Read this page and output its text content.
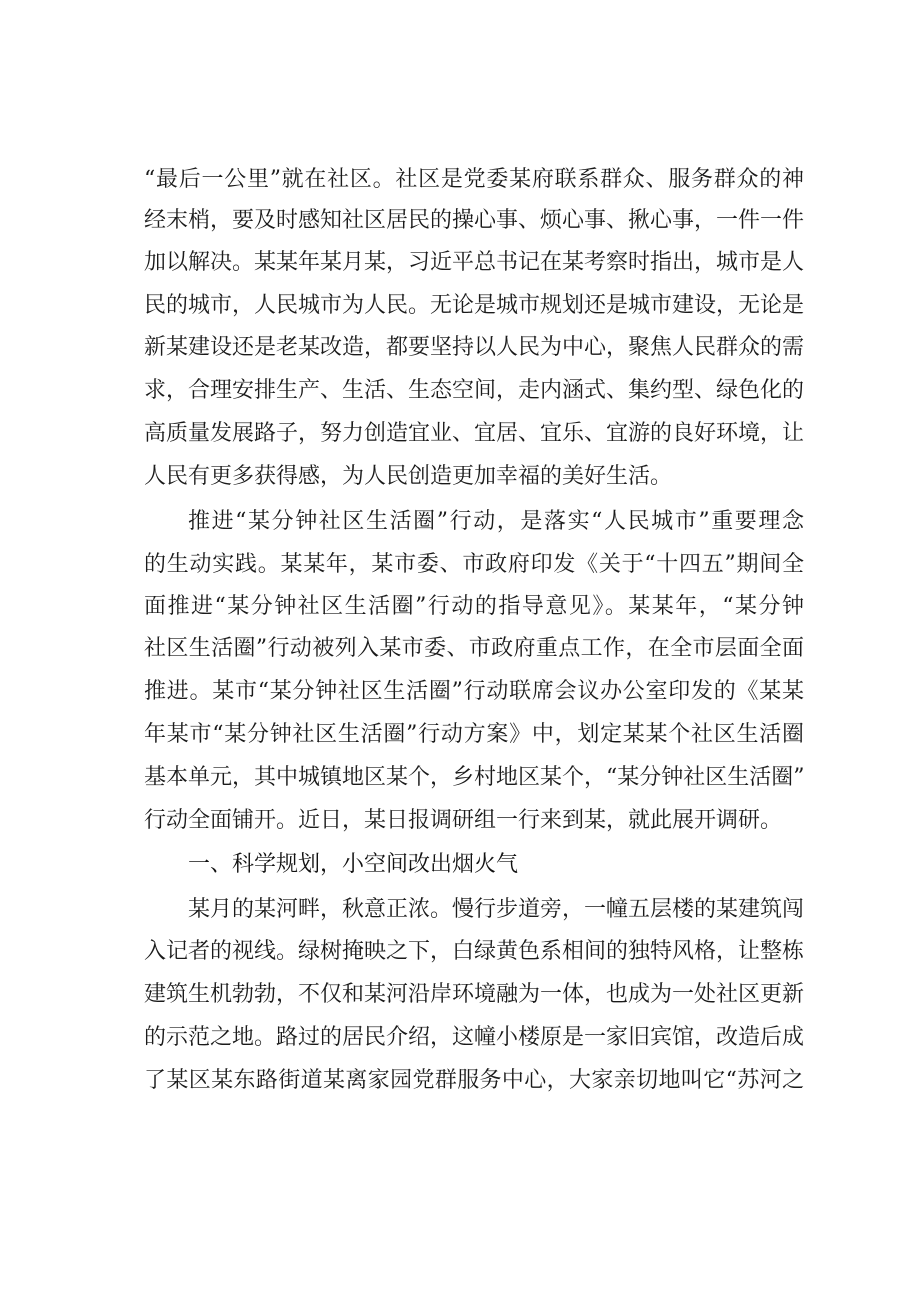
“最后一公里”就在社区。社区是党委某府联系群众、服务群众的神
经末梢，要及时感知社区居民的操心事、烦心事、揪心事，一件一件
加以解决。某某年某月某，习近平总书记在某考察时指出，城市是人
民的城市，人民城市为人民。无论是城市规划还是城市建设，无论是
新某建设还是老某改造，都要坚持以人民为中心，聚焦人民群众的需
求，合理安排生产、生活、生态空间，走内涵式、集约型、绿色化的
高质量发展路子，努力创造宜业、宜居、宜乐、宜游的良好环境，让
人民有更多获得感，为人民创造更加幸福的美好生活。
推进“某分钟社区生活圈”行动，是落实“人民城市”重要理念
的生动实践。某某年，某市委、市政府印发《关于“十四五”期间全
面推进“某分钟社区生活圈”行动的指导意见》。某某年，“某分钟
社区生活圈”行动被列入某市委、市政府重点工作，在全市层面全面
推进。某市“某分钟社区生活圈”行动联席会议办公室印发的《某某
年某市“某分钟社区生活圈”行动方案》中，划定某某个社区生活圈
基本单元，其中城镇地区某个，乡村地区某个，“某分钟社区生活圈”
行动全面铺开。近日，某日报调研组一行来到某，就此展开调研。
一、科学规划，小空间改出烟火气
某月的某河畔，秋意正浓。慢行步道旁，一幢五层楼的某建筑闯
入记者的视线。绿树掩映之下，白绿黄色系相间的独特风格，让整栋
建筑生机勃勃，不仅和某河沿岸环境融为一体，也成为一处社区更新
的示范之地。路过的居民介绍，这幢小楼原是一家旧宾馆，改造后成
了某区某东路街道某离家园党群服务中心，大家亲切地叫它“苏河之
